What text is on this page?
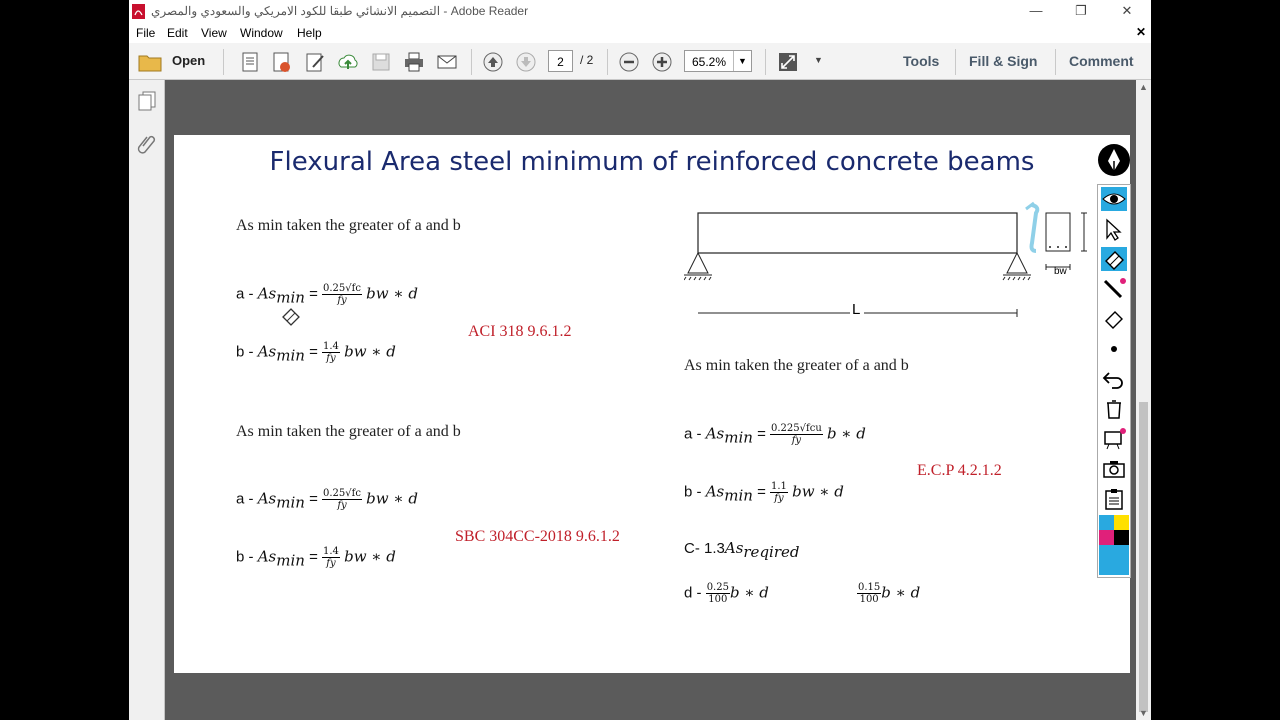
التصميم الانشائي طبقا للكود الامريكي والسعودي والمصري - Adobe Reader	—	❐	✕
File Edit View Window Help	✕
Open	2	/ 2	65.2%	▼	▼	Tools Fill & Sign Comment
Flexural Area steel minimum of reinforced concrete beams
As min taken the greater of a and b
$a - As_{min} = \frac{0.25√fc}{fy}$ bw ∗ d
ACI 318 9.6.1.2
$b - As_{min} = \frac{1.4}{fy}$ bw ∗ d
As min taken the greater of a and b
$a - As_{min} = \frac{0.25√fc}{fy}$ bw ∗ d
SBC 304CC-2018 9.6.1.2
$b - As_{min} = \frac{1.4}{fy}$ bw ∗ d
L
bw
As min taken the greater of a and b
$a - As_{min} = \frac{\text{0.225√fcu}}{fy}$ b ∗ d
E.C.P 4.2.1.2
$b - As_{min} = \frac{1.1}{fy}$ bw ∗ d
C- $1.3As_{reqired}$
d - $\frac{0.25}{100}$ b ∗ d	$\frac{0.15}{100}$ b ∗ d
▲
▼
